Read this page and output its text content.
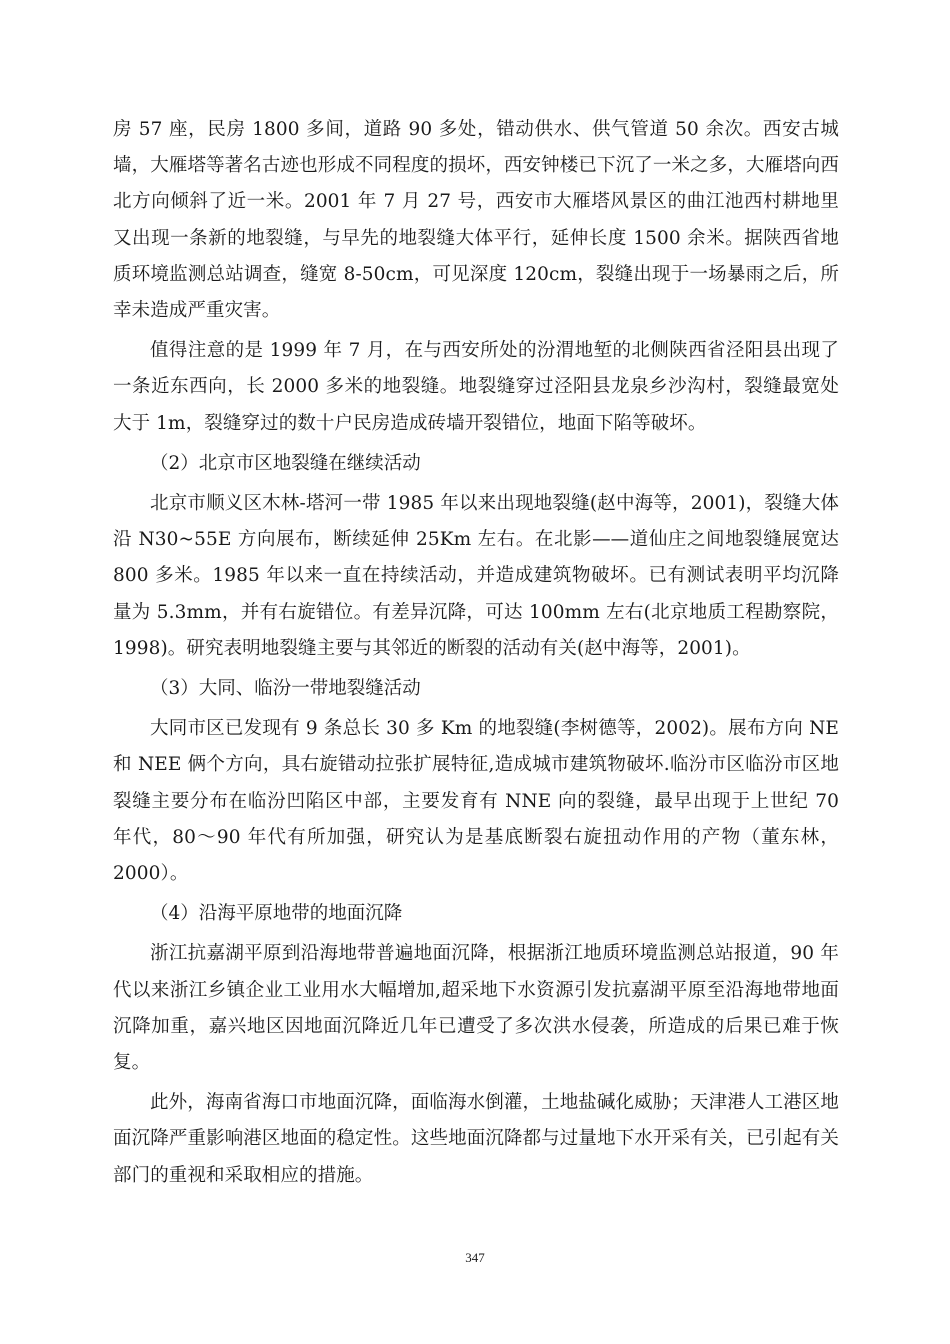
房 57 座，民房 1800 多间，道路 90 多处，错动供水、供气管道 50 余次。西安古城墙，大雁塔等著名古迹也形成不同程度的损坏，西安钟楼已下沉了一米之多，大雁塔向西北方向倾斜了近一米。2001 年 7 月 27 号，西安市大雁塔风景区的曲江池西村耕地里又出现一条新的地裂缝，与早先的地裂缝大体平行，延伸长度 1500 余米。据陕西省地质环境监测总站调查，缝宽 8-50cm，可见深度 120cm，裂缝出现于一场暴雨之后，所幸未造成严重灾害。

值得注意的是 1999 年 7 月，在与西安所处的汾渭地堑的北侧陕西省泾阳县出现了一条近东西向，长 2000 多米的地裂缝。地裂缝穿过泾阳县龙泉乡沙沟村，裂缝最宽处大于 1m，裂缝穿过的数十户民房造成砖墙开裂错位，地面下陷等破坏。

（2）北京市区地裂缝在继续活动

北京市顺义区木林-塔河一带 1985 年以来出现地裂缝(赵中海等，2001)，裂缝大体沿 N30~55E 方向展布，断续延伸 25Km 左右。在北影——道仙庄之间地裂缝展宽达 800 多米。1985 年以来一直在持续活动，并造成建筑物破坏。已有测试表明平均沉降量为 5.3mm，并有右旋错位。有差异沉降，可达 100mm 左右(北京地质工程勘察院，1998)。研究表明地裂缝主要与其邻近的断裂的活动有关(赵中海等，2001)。

（3）大同、临汾一带地裂缝活动

大同市区已发现有 9 条总长 30 多 Km 的地裂缝(李树德等，2002)。展布方向 NE 和 NEE 俩个方向，具右旋错动拉张扩展特征,造成城市建筑物破坏.临汾市区临汾市区地裂缝主要分布在临汾凹陷区中部，主要发育有 NNE 向的裂缝，最早出现于上世纪 70 年代，80～90 年代有所加强，研究认为是基底断裂右旋扭动作用的产物（董东林，2000）。

（4）沿海平原地带的地面沉降

浙江抗嘉湖平原到沿海地带普遍地面沉降，根据浙江地质环境监测总站报道，90 年代以来浙江乡镇企业工业用水大幅增加,超采地下水资源引发抗嘉湖平原至沿海地带地面沉降加重，嘉兴地区因地面沉降近几年已遭受了多次洪水侵袭，所造成的后果已难于恢复。

此外，海南省海口市地面沉降，面临海水倒灌，土地盐碱化威胁；天津港人工港区地面沉降严重影响港区地面的稳定性。这些地面沉降都与过量地下水开采有关，已引起有关部门的重视和采取相应的措施。

347
